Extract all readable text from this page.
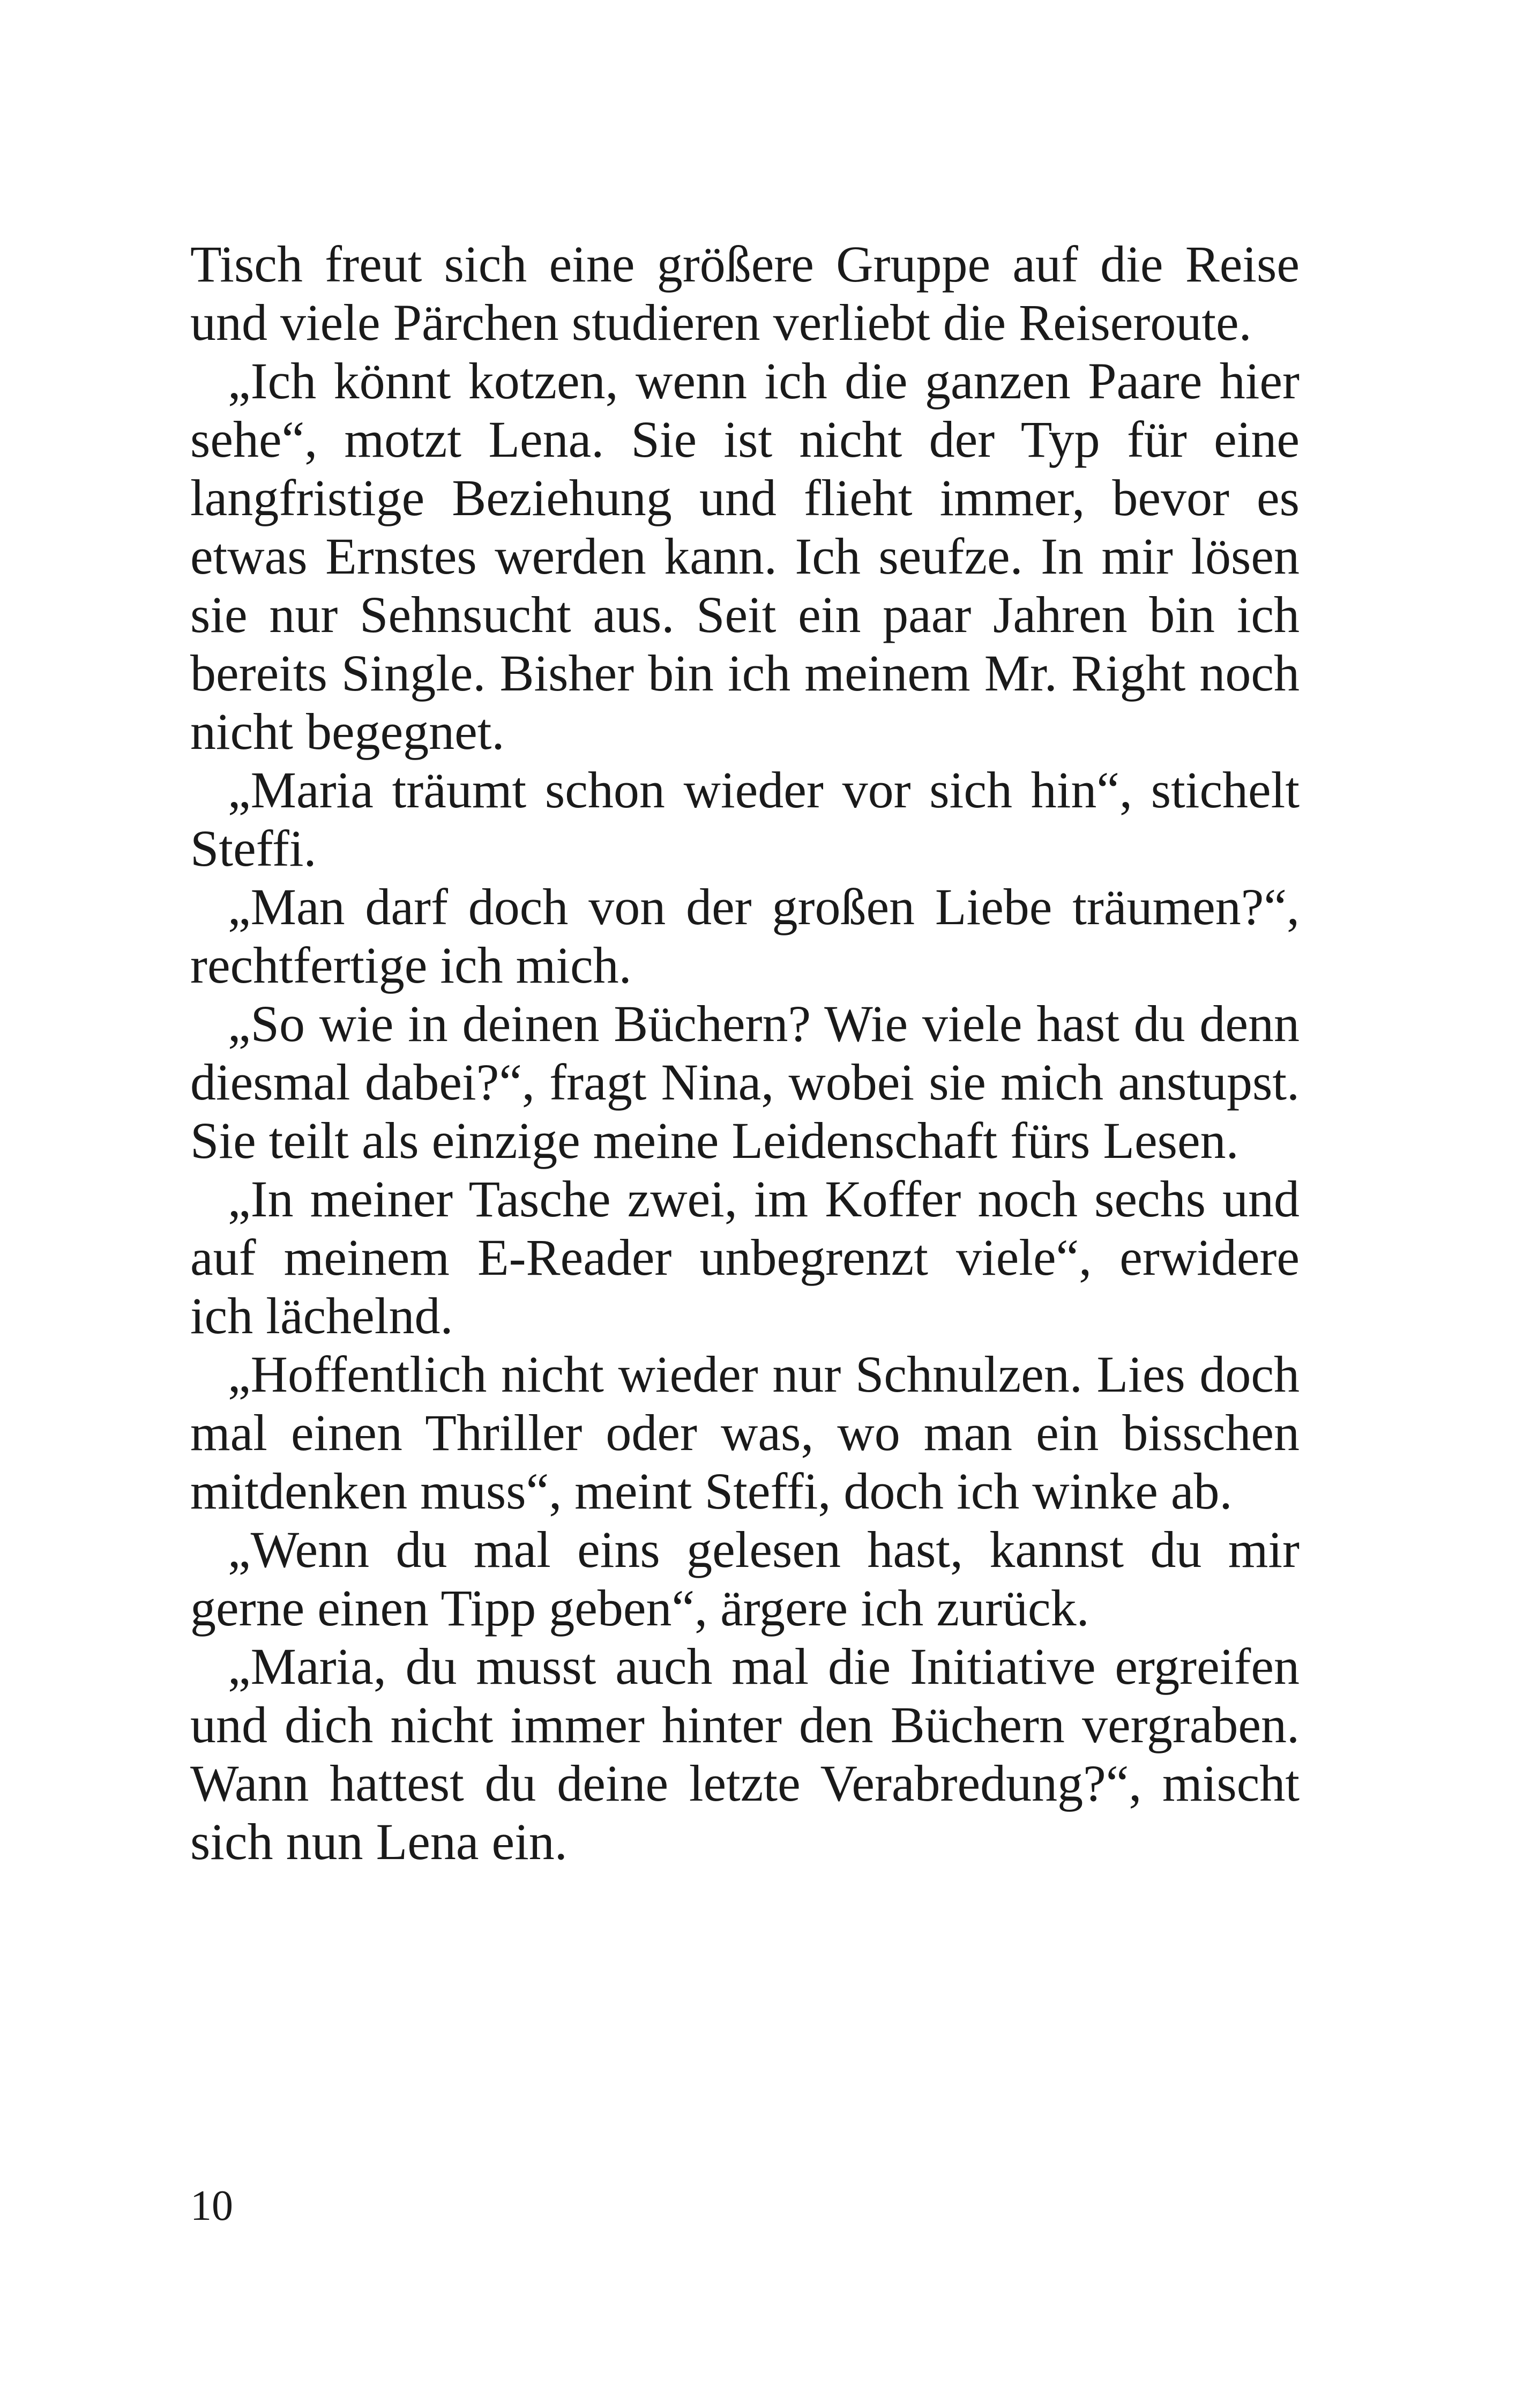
Tisch freut sich eine größere Gruppe auf die Reise und viele Pärchen studieren verliebt die Reiseroute.

„Ich könnt kotzen, wenn ich die ganzen Paare hier sehe“, motzt Lena. Sie ist nicht der Typ für eine langfristige Beziehung und flieht immer, bevor es etwas Ernstes werden kann. Ich seufze. In mir lösen sie nur Sehnsucht aus. Seit ein paar Jahren bin ich bereits Single. Bisher bin ich meinem Mr. Right noch nicht begegnet.

„Maria träumt schon wieder vor sich hin“, stichelt Steffi.

„Man darf doch von der großen Liebe träumen?“, rechtfertige ich mich.

„So wie in deinen Büchern? Wie viele hast du denn diesmal dabei?“, fragt Nina, wobei sie mich anstupst. Sie teilt als einzige meine Leidenschaft fürs Lesen.

„In meiner Tasche zwei, im Koffer noch sechs und auf meinem E-Reader unbegrenzt viele“, erwidere ich lächelnd.

„Hoffentlich nicht wieder nur Schnulzen. Lies doch mal einen Thriller oder was, wo man ein bisschen mitdenken muss“, meint Steffi, doch ich winke ab.

„Wenn du mal eins gelesen hast, kannst du mir gerne einen Tipp geben“, ärgere ich zurück.

„Maria, du musst auch mal die Initiative ergreifen und dich nicht immer hinter den Büchern vergraben. Wann hattest du deine letzte Verabredung?“, mischt sich nun Lena ein.

10
